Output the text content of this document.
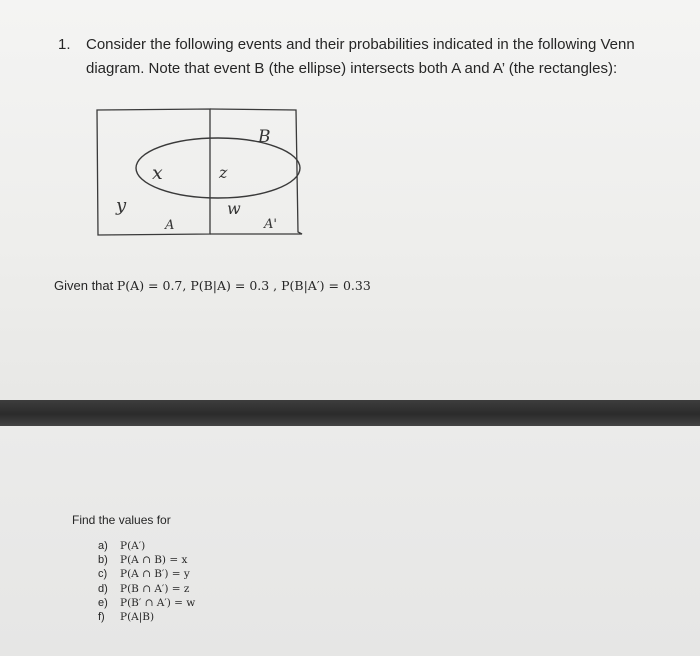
1. Consider the following events and their probabilities indicated in the following Venn
diagram. Note that event B (the ellipse) intersects both A and A’ (the rectangles):
B
x	z
y	w
A	A'
Given that P(A) = 0.7, P(B|A) = 0.3 , P(B|A′) = 0.33
Find the values for
a) P(A′)
b) P(A ∩ B) = x
c) P(A ∩ B′) = y
d) P(B ∩ A′) = z
e) P(B′ ∩ A′) = w
f) P(A|B)
